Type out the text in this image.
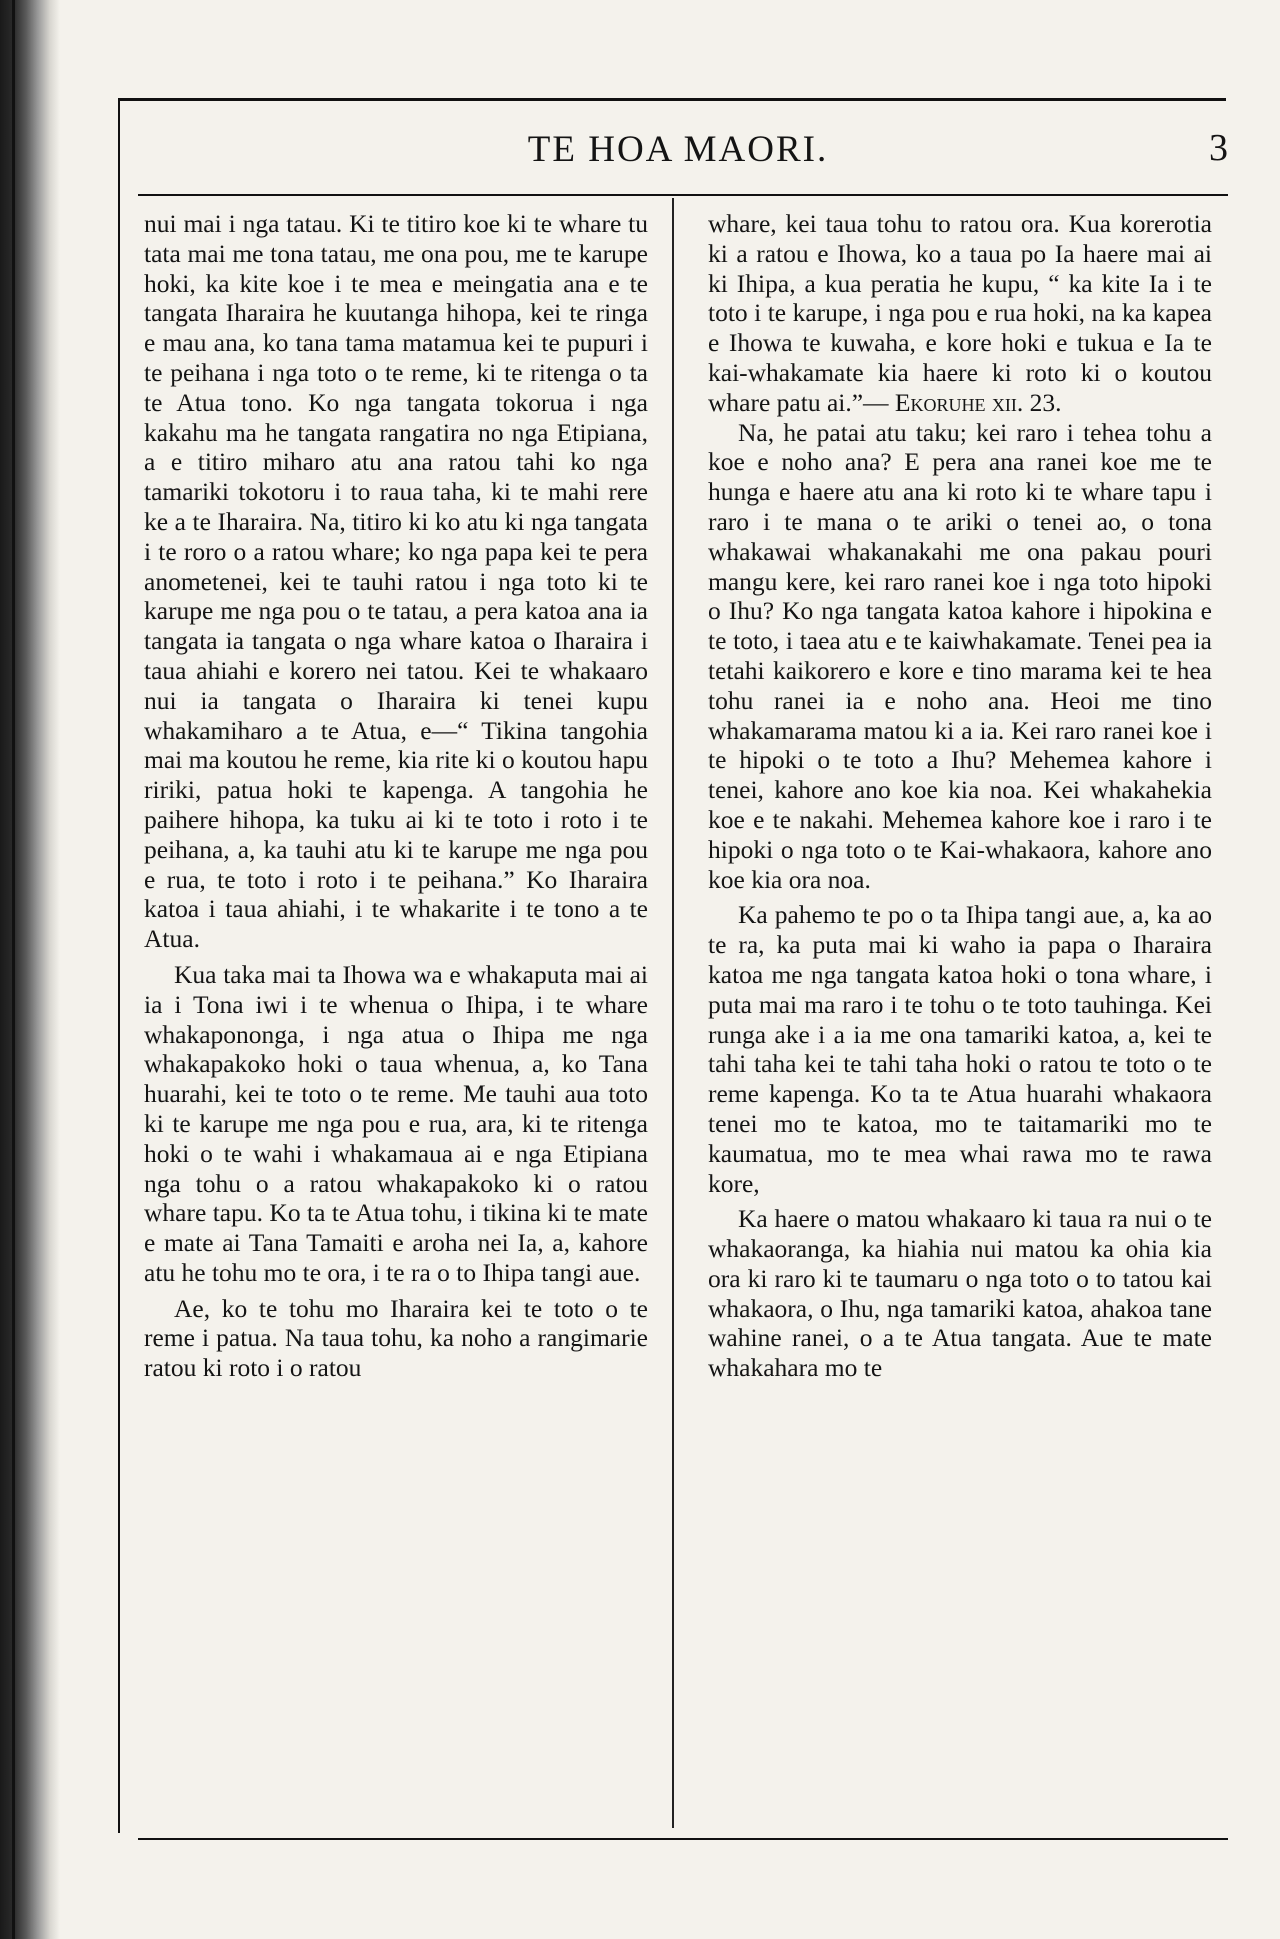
TE HOA MAORI.	3

nui mai i nga tatau. Ki te titiro koe ki te whare tu tata mai me tona tatau, me ona pou, me te karupe hoki, ka kite koe i te mea e meingatia ana e te tangata Iharaira he kuutanga hihopa, kei te ringa e mau ana, ko tana tama matamua kei te pupuri i te peihana i nga toto o te reme, ki te ritenga o ta te Atua tono. Ko nga tangata tokorua i nga kakahu ma he tangata rangatira no nga Etipiana, a e titiro miharo atu ana ratou tahi ko nga tamariki tokotoru i to raua taha, ki te mahi rere ke a te Iharaira. Na, titiro ki ko atu ki nga tangata i te roro o a ratou whare; ko nga papa kei te pera anometenei, kei te tauhi ratou i nga toto ki te karupe me nga pou o te tatau, a pera katoa ana ia tangata ia tangata o nga whare katoa o Iharaira i taua ahiahi e korero nei tatou. Kei te whakaaro nui ia tangata o Iharaira ki tenei kupu whakamiharo a te Atua, e—“ Tikina tangohia mai ma koutou he reme, kia rite ki o koutou hapu ririki, patua hoki te kapenga. A tangohia he paihere hihopa, ka tuku ai ki te toto i roto i te peihana, a, ka tauhi atu ki te karupe me nga pou e rua, te toto i roto i te peihana.” Ko Iharaira katoa i taua ahiahi, i te whakarite i te tono a te Atua.

Kua taka mai ta Ihowa wa e whakaputa mai ai ia i Tona iwi i te whenua o Ihipa, i te whare whakaponongа, i nga atua o Ihipa me nga whakapakoko hoki o taua whenua, a, ko Tana huarahi, kei te toto o te reme. Me tauhi aua toto ki te karupe me nga pou e rua, ara, ki te ritenga hoki o te wahi i whakamaua ai e nga Etipiana nga tohu o a ratou whakapakoko ki o ratou whare tapu. Ko ta te Atua tohu, i tikina ki te mate e mate ai Tana Tamaiti e aroha nei Ia, a, kahore atu he tohu mo te ora, i te ra o to Ihipa tangi aue.

Ae, ko te tohu mo Iharaira kei te toto o te reme i patua. Na taua tohu, ka noho a rangimarie ratou ki roto i o ratou

whare, kei taua tohu to ratou ora. Kua korerotia ki a ratou e Ihowa, ko a taua po Ia haere mai ai ki Ihipa, a kua peratia he kupu, “ ka kite Ia i te toto i te karupe, i nga pou e rua hoki, na ka kapea e Ihowa te kuwaha, e kore hoki e tukua e Ia te kai-whakamate kia haere ki roto ki o koutou whare patu ai.”— Ekoruhe xii. 23.

Na, he patai atu taku; kei raro i tehea tohu a koe e noho ana? E pera ana ranei koe me te hunga e haere atu ana ki roto ki te whare tapu i raro i te mana o te ariki o tenei ao, o tona whakawai whakanakahi me ona pakau pouri mangu kere, kei raro ranei koe i nga toto hipoki o Ihu? Ko nga tangata katoa kahore i hipokina e te toto, i taea atu e te kaiwhakamate. Tenei pea ia tetahi kaikorero e kore e tino marama kei te hea tohu ranei ia e noho ana. Heoi me tino whakamarama matou ki a ia. Kei raro ranei koe i te hipoki o te toto a Ihu? Mehemea kahore i tenei, kahore ano koe kia noa. Kei whakahekia koe e te nakahi. Mehemea kahore koe i raro i te hipoki o nga toto o te Kai-whakaora, kahore ano koe kia ora noa.

Ka pahemo te po o ta Ihipa tangi aue, a, ka ao te ra, ka puta mai ki waho ia papa o Iharaira katoa me nga tangata katoa hoki o tona whare, i puta mai ma raro i te tohu o te toto tauhinga. Kei runga ake i a ia me ona tamariki katoa, a, kei te tahi taha kei te tahi taha hoki o ratou te toto o te reme kapenga. Ko ta te Atua huarahi whakaora tenei mo te katoa, mo te taitamariki mo te kaumatua, mo te mea whai rawa mo te rawa kore,

Ka haere o matou whakaaro ki taua ra nui o te whakaoranga, ka hiahia nui matou ka ohia kia ora ki raro ki te taumaru o nga toto o to tatou kai whakaora, o Ihu, nga tamariki katoa, ahakoa tane wahine ranei, o a te Atua tangata. Aue te mate whakahara mo te
